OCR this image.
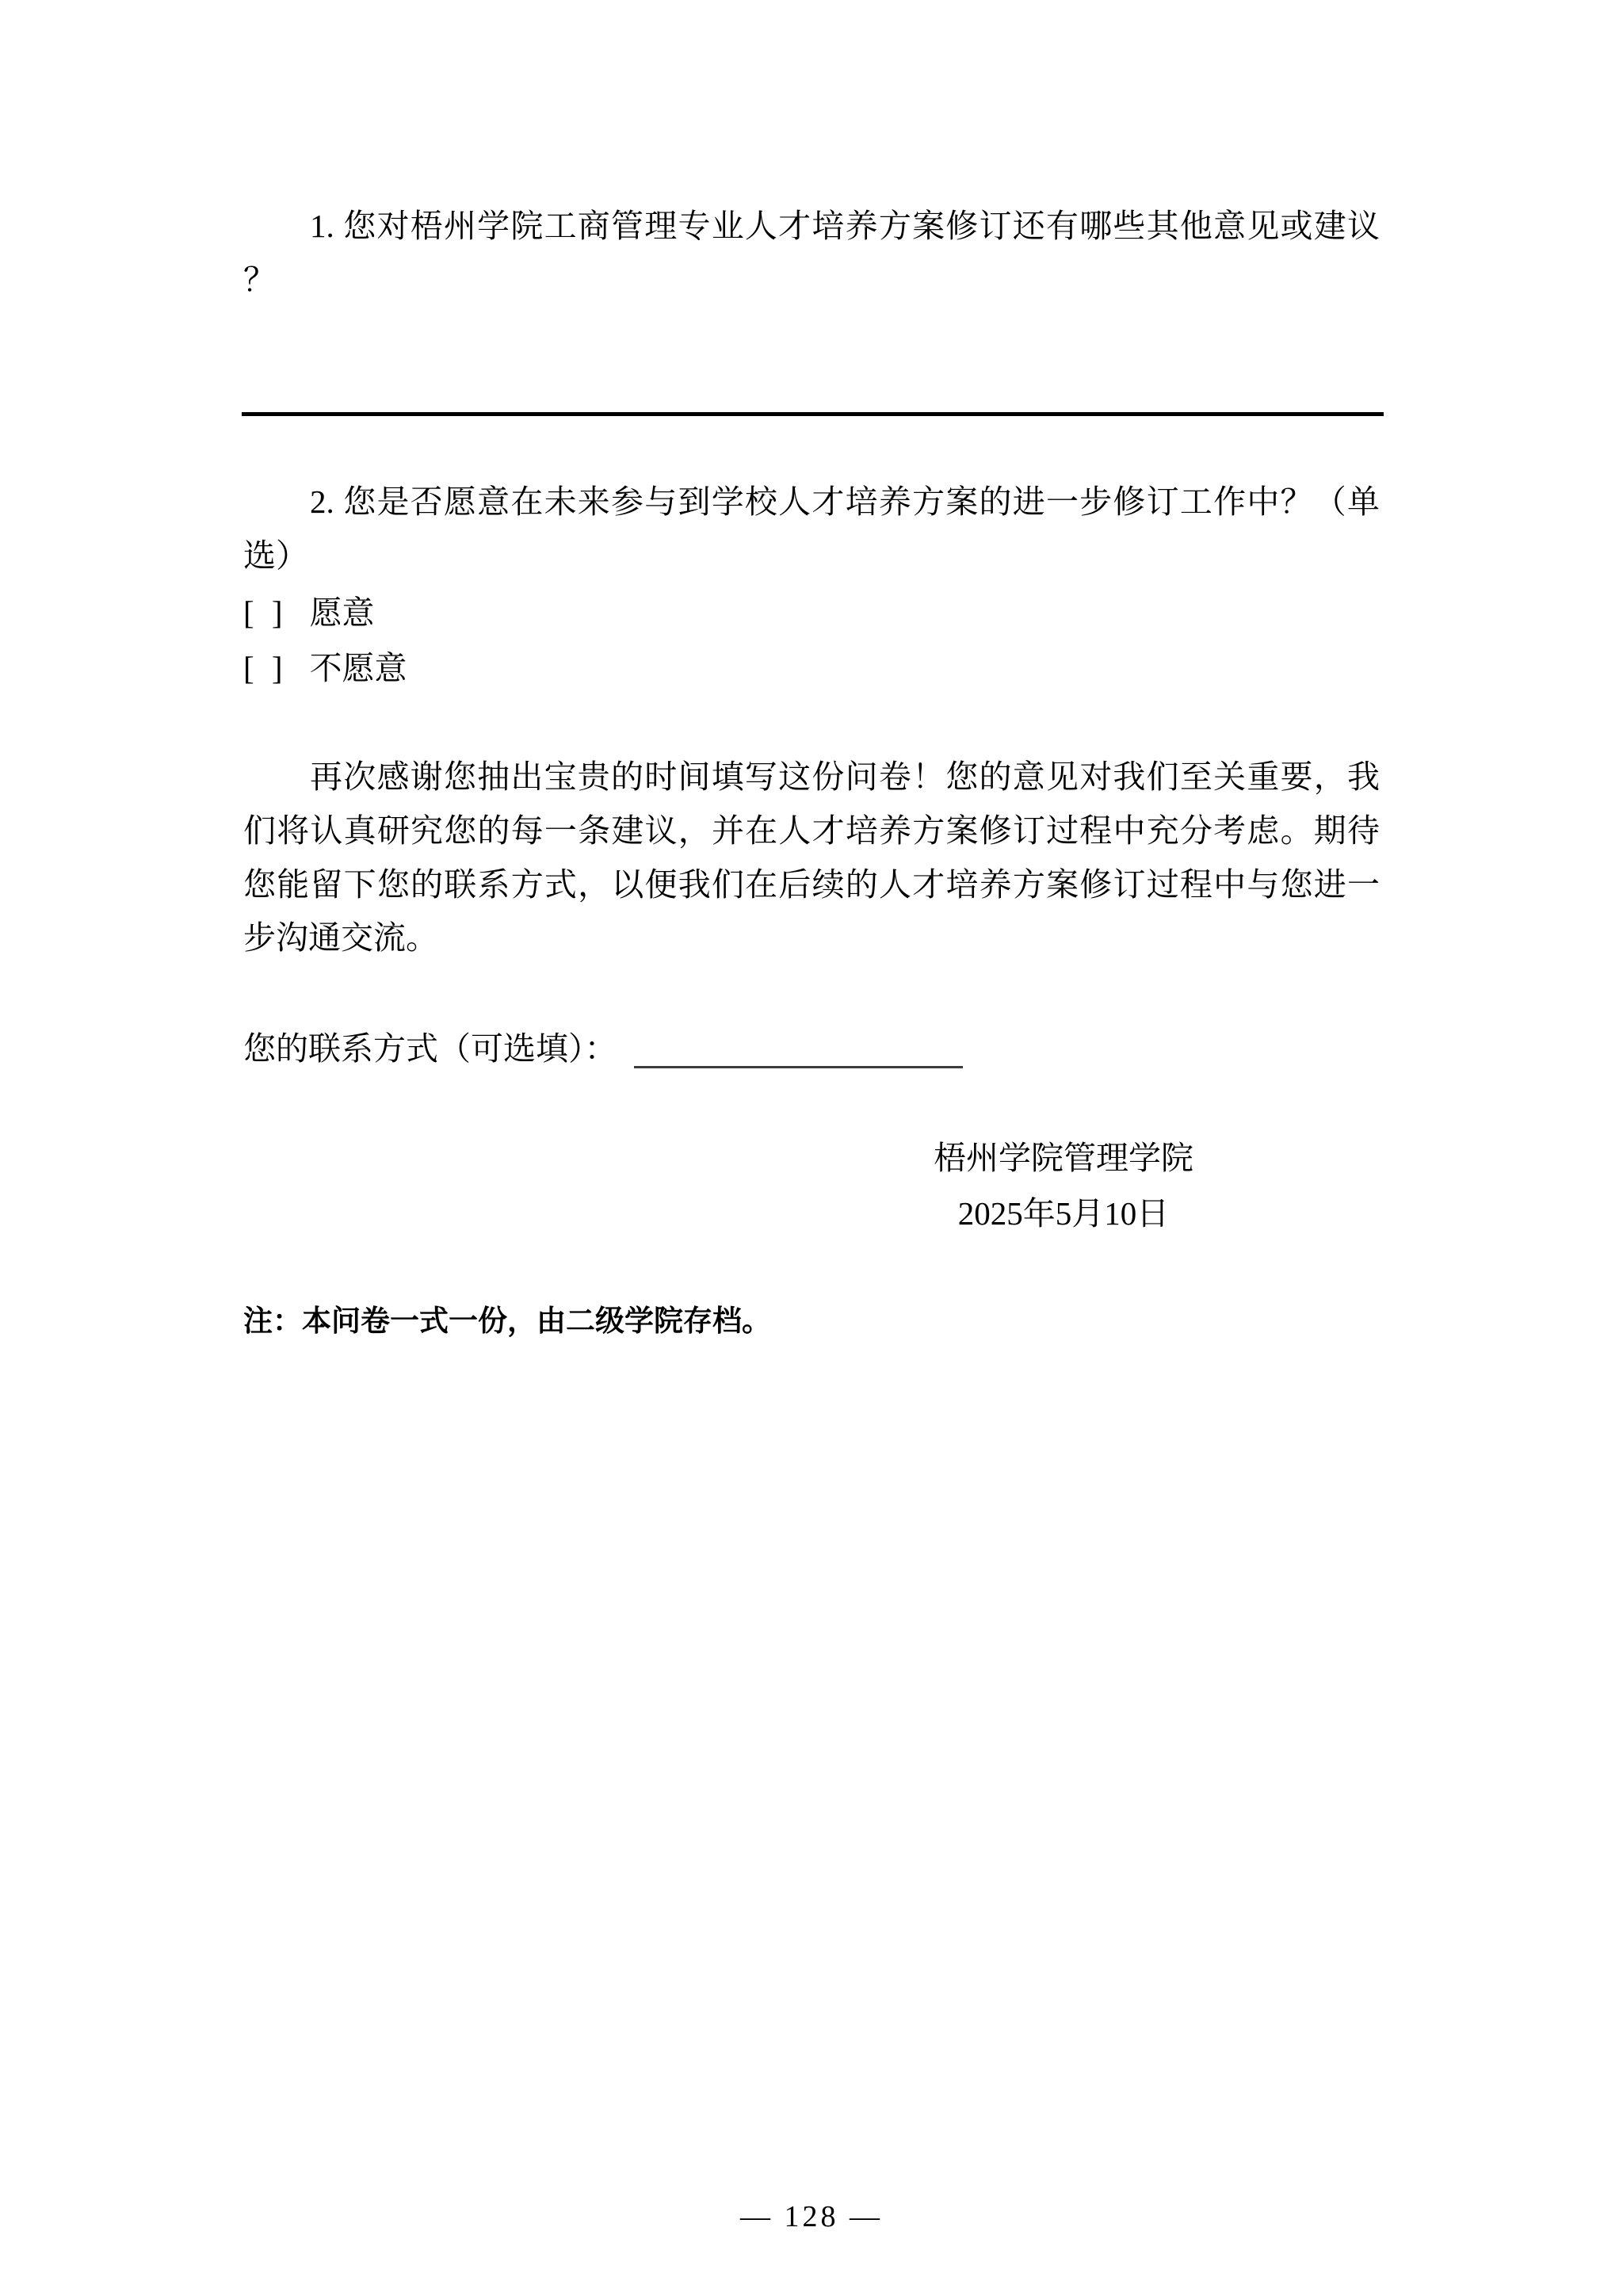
1. 您对梧州学院工商管理专业人才培养方案修订还有哪些其他意见或建议
？
2. 您是否愿意在未来参与到学校人才培养方案的进一步修订工作中？（单
选）
[ ] 愿意
[ ] 不愿意
再次感谢您抽出宝贵的时间填写这份问卷！您的意见对我们至关重要，我
们将认真研究您的每一条建议，并在人才培养方案修订过程中充分考虑。期待
您能留下您的联系方式，以便我们在后续的人才培养方案修订过程中与您进一
步沟通交流。
您的联系方式（可选填）：
梧州学院管理学院
2025年5月10日
注：本问卷一式一份，由二级学院存档。
— 128 —
